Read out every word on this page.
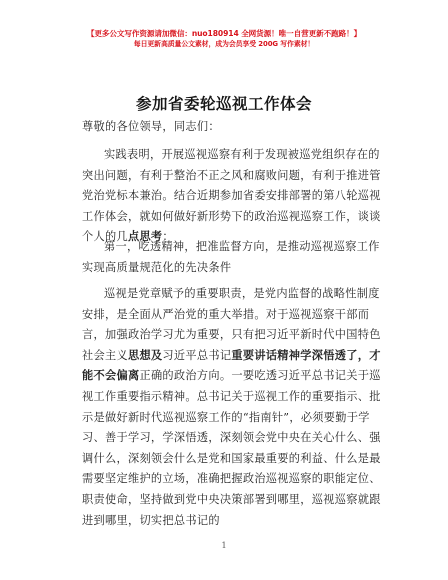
【更多公文写作资源请加微信：nuo180914 全网货源！唯一自营更新不跑路！】
每日更新高质量公文素材，成为会员享受 200G 写作素材！
参加省委轮巡视工作体会
尊敬的各位领导，同志们：
实践表明，开展巡视巡察有利于发现被巡党组织存在的突出问题，有利于整治不正之风和腐败问题，有利于推进管党治党标本兼治。结合近期参加省委安排部署的第八轮巡视工作体会，就如何做好新形势下的政治巡视巡察工作，谈谈个人的几点思考：
第一，吃透精神，把准监督方向，是推动巡视巡察工作实现高质量规范化的先决条件
巡视是党章赋予的重要职责，是党内监督的战略性制度安排，是全面从严治党的重大举措。对于巡视巡察干部而言，加强政治学习尤为重要，只有把习近平新时代中国特色社会主义思想及习近平总书记重要讲话精神学深悟透了，才能不会偏离正确的政治方向。一要吃透习近平总书记关于巡视工作重要指示精神。总书记关于巡视工作的重要指示、批示是做好新时代巡视巡察工作的“指南针”，必须要勤于学习、善于学习，学深悟透，深刻领会党中央在关心什么、强调什么，深刻领会什么是党和国家最重要的利益、什么是最需要坚定维护的立场，准确把握政治巡视巡察的职能定位、职责使命，坚持做到党中央决策部署到哪里，巡视巡察就跟进到哪里，切实把总书记的
1
